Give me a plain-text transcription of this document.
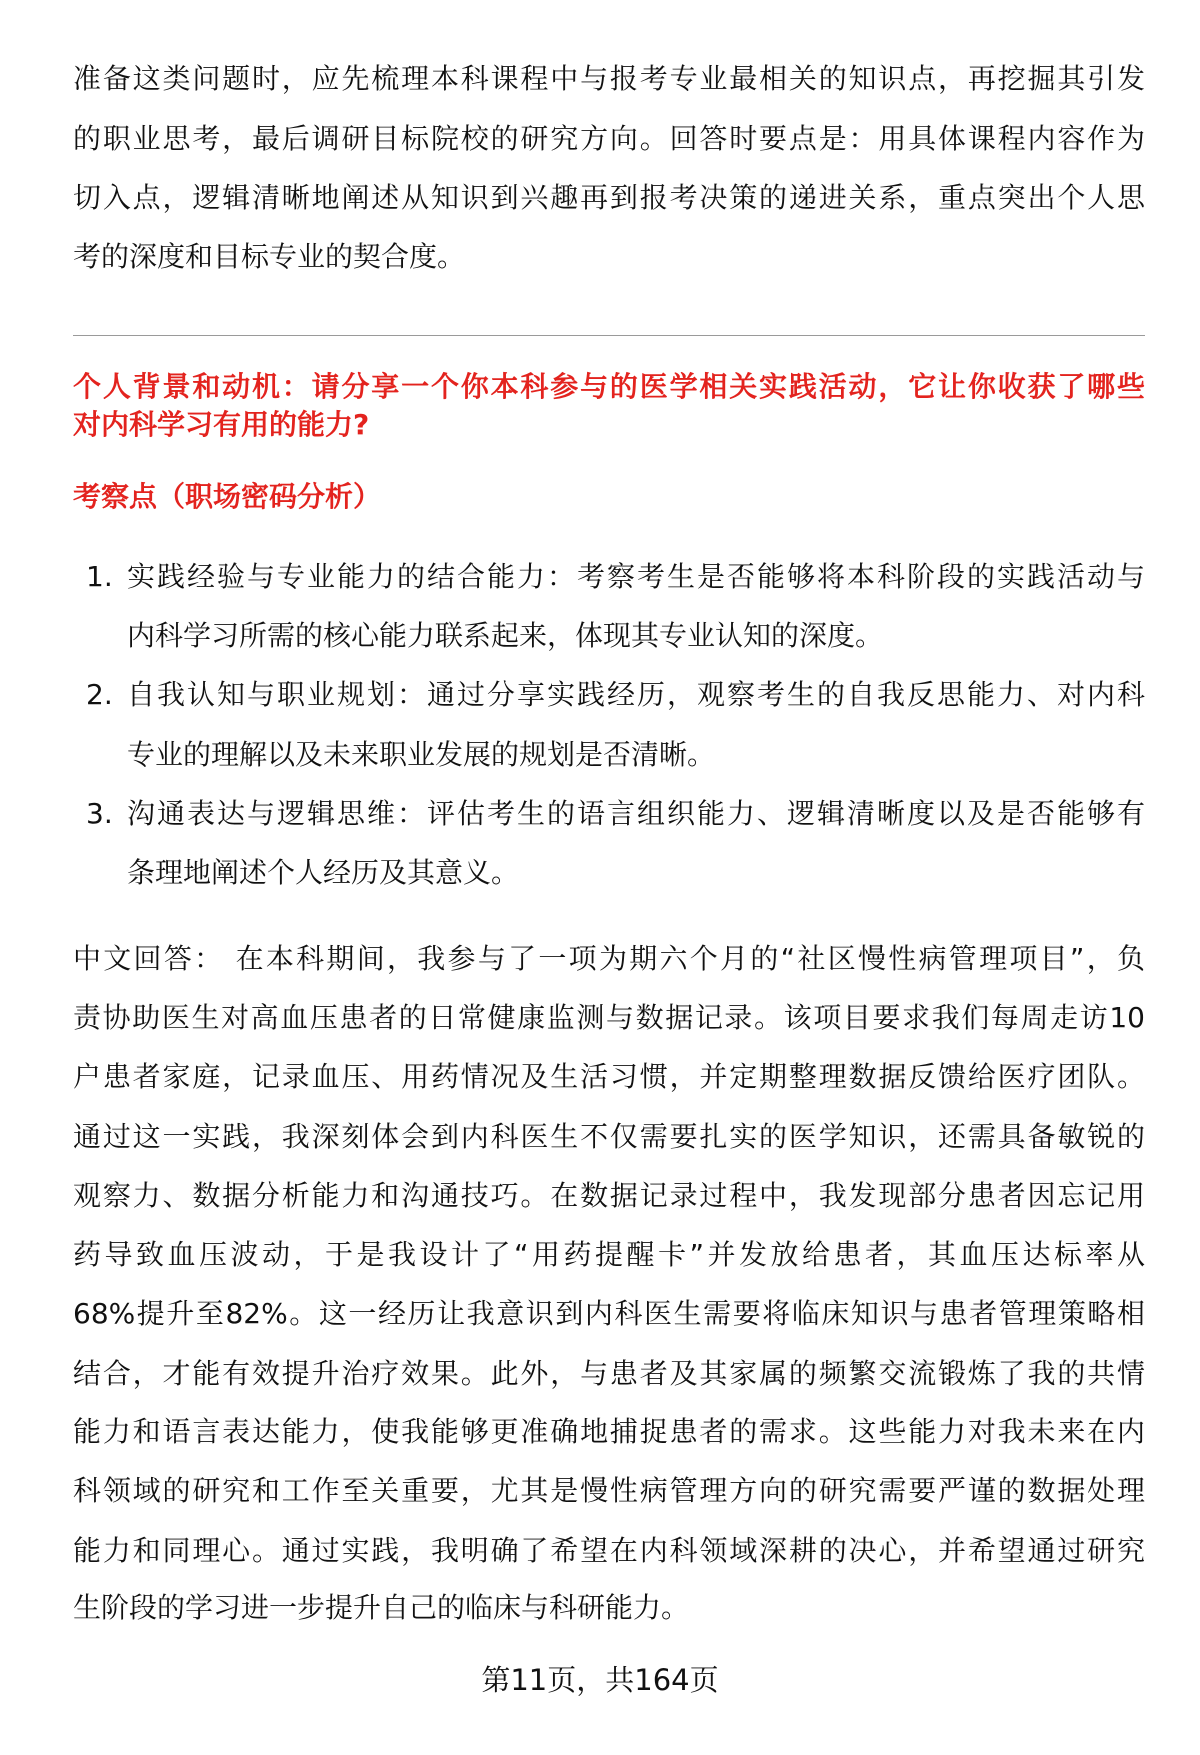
准备这类问题时，应先梳理本科课程中与报考专业最相关的知识点，再挖掘其引发
的职业思考，最后调研目标院校的研究方向。回答时要点是：用具体课程内容作为
切入点，逻辑清晰地阐述从知识到兴趣再到报考决策的递进关系，重点突出个人思
考的深度和目标专业的契合度。
个人背景和动机：请分享一个你本科参与的医学相关实践活动，它让你收获了哪些
对内科学习有用的能力?
考察点（职场密码分析）
1. 实践经验与专业能力的结合能力：考察考生是否能够将本科阶段的实践活动与
内科学习所需的核心能力联系起来，体现其专业认知的深度。
2. 自我认知与职业规划：通过分享实践经历，观察考生的自我反思能力、对内科
专业的理解以及未来职业发展的规划是否清晰。
3. 沟通表达与逻辑思维：评估考生的语言组织能力、逻辑清晰度以及是否能够有
条理地阐述个人经历及其意义。
中文回答： 在本科期间，我参与了一项为期六个月的“社区慢性病管理项目”，负
责协助医生对高血压患者的日常健康监测与数据记录。该项目要求我们每周走访10
户患者家庭，记录血压、用药情况及生活习惯，并定期整理数据反馈给医疗团队。
通过这一实践，我深刻体会到内科医生不仅需要扎实的医学知识，还需具备敏锐的
观察力、数据分析能力和沟通技巧。在数据记录过程中，我发现部分患者因忘记用
药导致血压波动，于是我设计了“用药提醒卡”并发放给患者，其血压达标率从
68%提升至82%。这一经历让我意识到内科医生需要将临床知识与患者管理策略相
结合，才能有效提升治疗效果。此外，与患者及其家属的频繁交流锻炼了我的共情
能力和语言表达能力，使我能够更准确地捕捉患者的需求。这些能力对我未来在内
科领域的研究和工作至关重要，尤其是慢性病管理方向的研究需要严谨的数据处理
能力和同理心。通过实践，我明确了希望在内科领域深耕的决心，并希望通过研究
生阶段的学习进一步提升自己的临床与科研能力。
第11页，共164页
